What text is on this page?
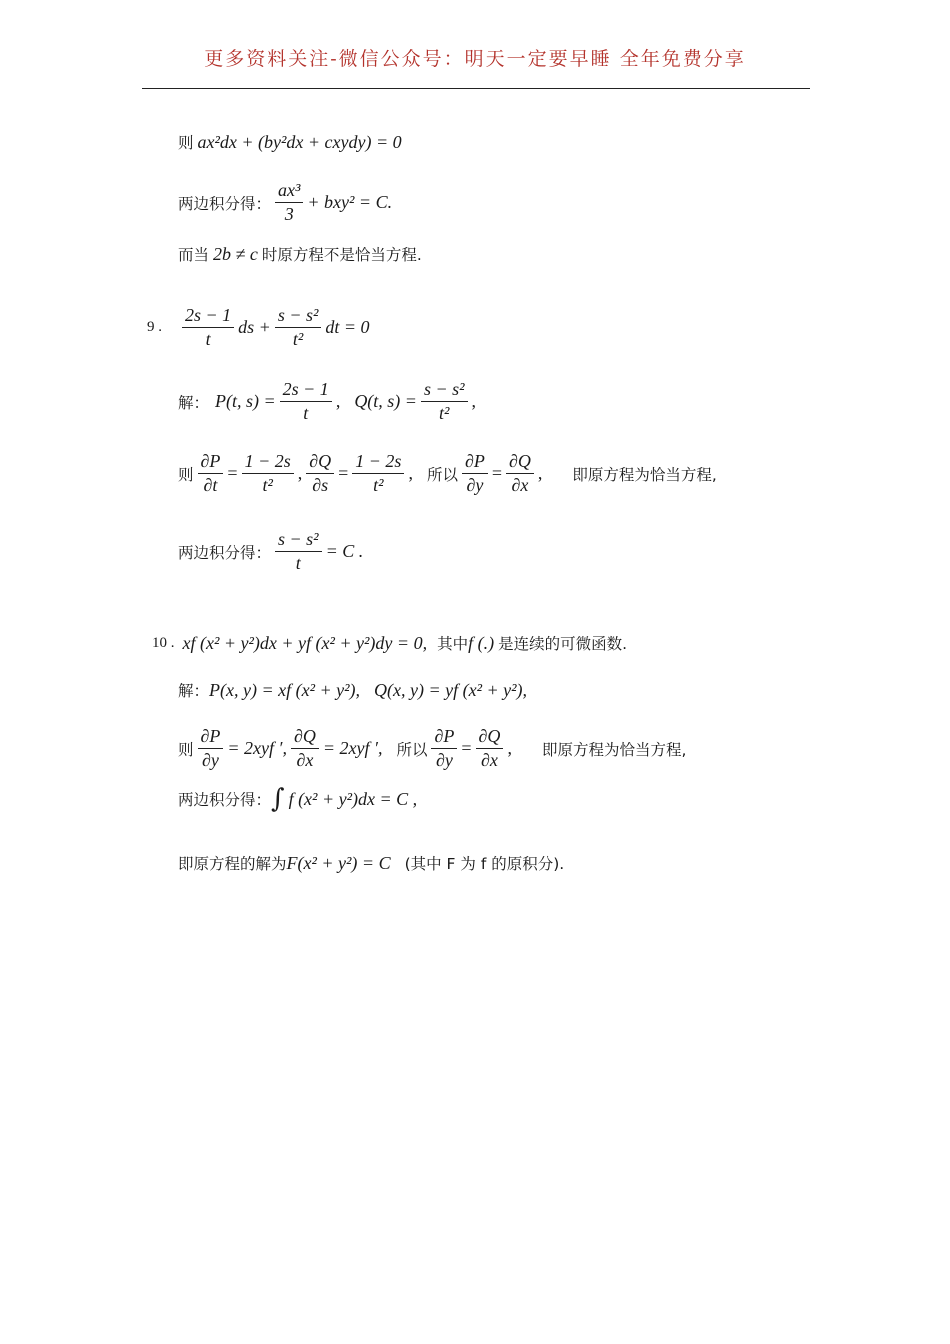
更多资料关注-微信公众号：明天一定要早睡 全年免费分享
则 ax²dx + (by²dx + cxydy) = 0
两边积分得： $\frac{\text{ax³}}{3} + bxy^2 = C$.
而当 2b ≠ c 时原方程不是恰当方程.
9 . $\frac{2s - 1}{t}$ ds + $\frac{\text{s − s²}}{\text{t²}}$ dt = 0
解： P(t, $s) = \frac{2s - 1}{t}$ , Q(t, $s) = \frac{\text{s − s²}}{\text{t²}}$ ,
则 $\frac{\partial P}{\partial t} = \frac{1 - 2s}{\text{t²}}$ , $\frac{\partial Q}{\partial s} = \frac{1 - 2s}{\text{t²}}$ , 所以 $\frac{\partial P}{\partial y} = \frac{\partial Q}{\partial x}$ , 即原方程为恰当方程,
两边积分得： $\frac{\text{s − s²}}{t} = C$ .
10 . xf (x² + y²)dx + yf (x² + y²)dy = 0, 其中 f (.) 是连续的可微函数.
解： P(x, y) = xf (x² + y²), Q(x, y) = yf (x² + y²),
则 $\frac{\partial P}{\partial y} = 2xyf$ ′, $\frac{\partial Q}{\partial x} = 2xyf$ ′, 所以 $\frac{\partial P}{\partial y} = \frac{\partial Q}{\partial x}$ , 即原方程为恰当方程,
两边积分得： ∫ f (x² + y²)dx = C ,
即原方程的解为 F(x² + y²) = C (其中 F 为 f 的原积分).
